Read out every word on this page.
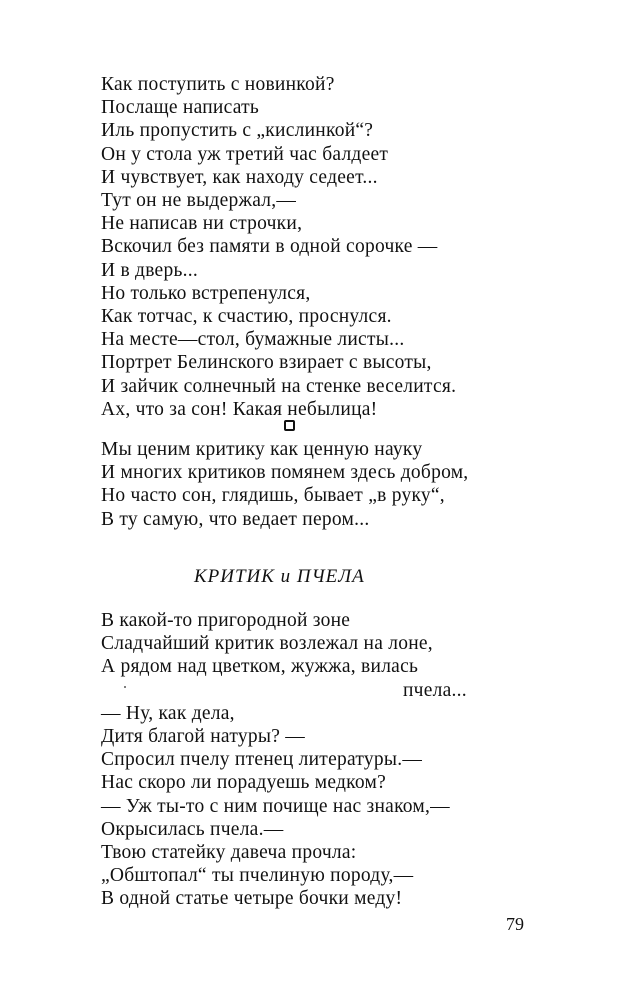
Как поступить с новинкой?
Послаще написать
Иль пропустить с „кислинкой“?
Он у стола уж третий час балдеет
И чувствует, как находу седеет...
Тут он не выдержал,—
Не написав ни строчки,
Вскочил без памяти в одной сорочке —
И в дверь...
Но только встрепенулся,
Как тотчас, к счастию, проснулся.
На месте—стол, бумажные листы...
Портрет Белинского взирает с высоты,
И зайчик солнечный на стенке веселится.
Ах, что за сон! Какая небылица!
Мы ценим критику как ценную науку
И многих критиков помянем здесь добром,
Но часто сон, глядишь, бывает „в руку“,
В ту самую, что ведает пером...
КРИТИК и ПЧЕЛА
В какой-то пригородной зоне
Сладчайший критик возлежал на лоне,
А рядом над цветком, жужжа, вилась
пчела...
— Ну, как дела,
Дитя благой натуры? —
Спросил пчелу птенец литературы.—
Нас скоро ли порадуешь медком?
— Уж ты-то с ним почище нас знаком,—
Окрысилась пчела.—
Твою статейку давеча прочла:
„Обштопал“ ты пчелиную породу,—
В одной статье четыре бочки меду!
79
